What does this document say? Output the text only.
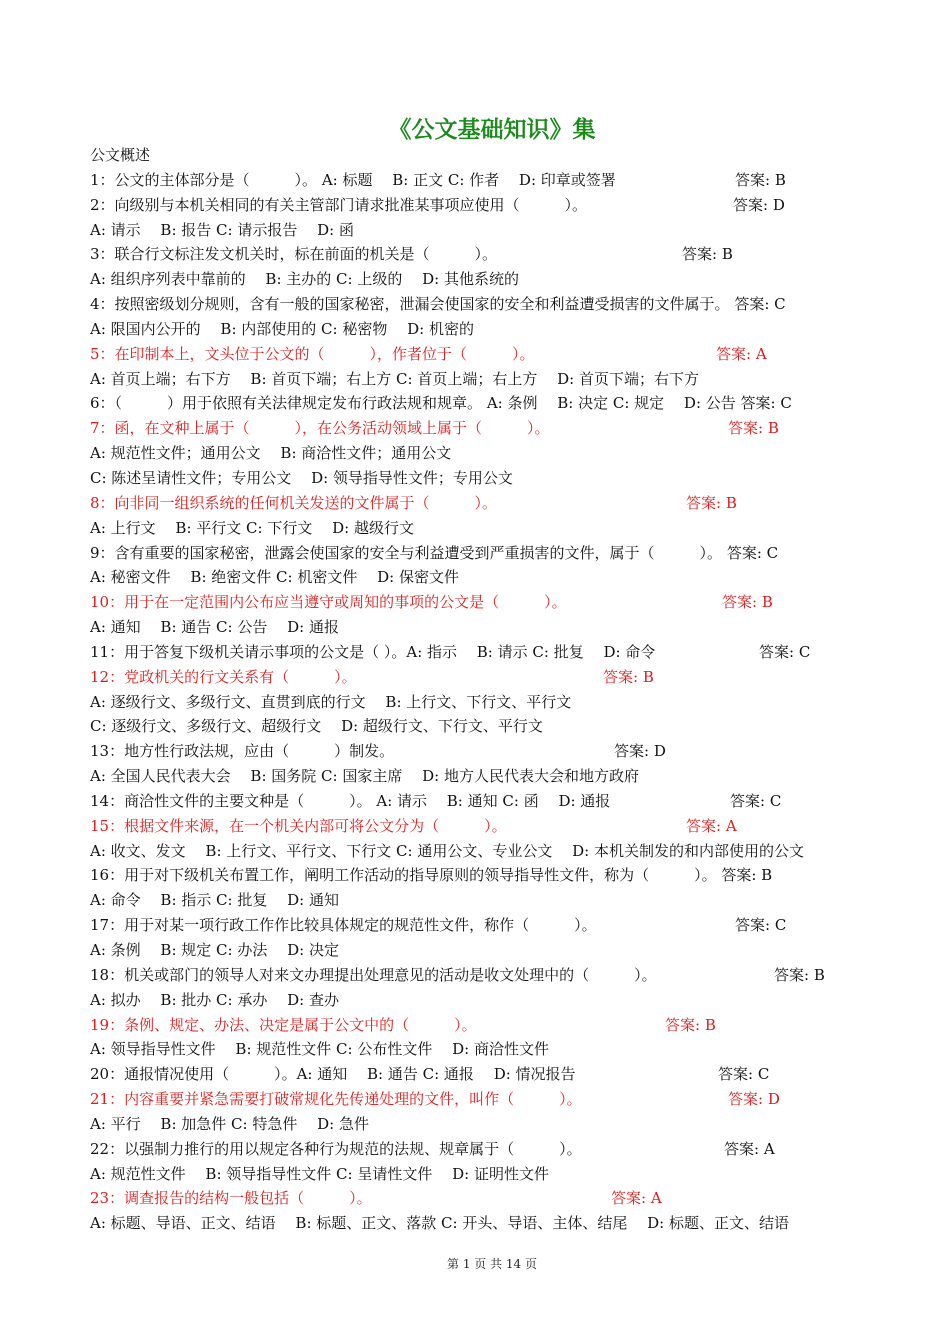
《公文基础知识》集
公文概述
1：公文的主体部分是（　　　）。 A: 标题　 B: 正文 C: 作者　 D: 印章或签署	答案: B
2：向级别与本机关相同的有关主管部门请求批准某事项应使用（　　　）。	答案: D
A: 请示　 B: 报告 C: 请示报告　 D: 函
3：联合行文标注发文机关时，标在前面的机关是（　　　）。	答案: B
A: 组织序列表中靠前的　 B: 主办的 C: 上级的　 D: 其他系统的
4：按照密级划分规则，含有一般的国家秘密，泄漏会使国家的安全和利益遭受损害的文件属于。 答案: C
A: 限国内公开的　 B: 内部使用的 C: 秘密物　 D: 机密的
5：在印制本上，文头位于公文的（　　　），作者位于（　　　）。	答案: A
A: 首页上端；右下方　 B: 首页下端；右上方 C: 首页上端；右上方　 D: 首页下端；右下方
6：（　　　）用于依照有关法律规定发布行政法规和规章。 A: 条例　 B: 决定 C: 规定　 D: 公告 答案: C
7：函，在文种上属于（　　　），在公务活动领域上属于（　　　）。	答案: B
A: 规范性文件；通用公文　 B: 商洽性文件；通用公文
C: 陈述呈请性文件；专用公文　 D: 领导指导性文件；专用公文
8：向非同一组织系统的任何机关发送的文件属于（　　　）。	答案: B
A: 上行文　 B: 平行文 C: 下行文　 D: 越级行文
9：含有重要的国家秘密，泄露会使国家的安全与利益遭受到严重损害的文件，属于（　　　）。 答案: C
A: 秘密文件　 B: 绝密文件 C: 机密文件　 D: 保密文件
10：用于在一定范围内公布应当遵守或周知的事项的公文是（　　　）。	答案: B
A: 通知　 B: 通告 C: 公告　 D: 通报
11：用于答复下级机关请示事项的公文是（ ）。A: 指示　 B: 请示 C: 批复　 D: 命令	答案: C
12：党政机关的行文关系有（　　　）。	答案: B
A: 逐级行文、多级行文、直贯到底的行文　 B: 上行文、下行文、平行文
C: 逐级行文、多级行文、超级行文　 D: 超级行文、下行文、平行文
13：地方性行政法规，应由（　　　）制发。	答案: D
A: 全国人民代表大会　 B: 国务院 C: 国家主席　 D: 地方人民代表大会和地方政府
14：商洽性文件的主要文种是（　　　）。 A: 请示　 B: 通知 C: 函　 D: 通报	答案: C
15：根据文件来源，在一个机关内部可将公文分为（　　　）。	答案: A
A: 收文、发文　 B: 上行文、平行文、下行文 C: 通用公文、专业公文　 D: 本机关制发的和内部使用的公文
16：用于对下级机关布置工作，阐明工作活动的指导原则的领导指导性文件，称为（　　　）。 答案: B
A: 命令　 B: 指示 C: 批复　 D: 通知
17：用于对某一项行政工作作比较具体规定的规范性文件，称作（　　　）。	答案: C
A: 条例　 B: 规定 C: 办法　 D: 决定
18：机关或部门的领导人对来文办理提出处理意见的活动是收文处理中的（　　　）。	答案: B
A: 拟办　 B: 批办 C: 承办　 D: 查办
19：条例、规定、办法、决定是属于公文中的（　　　）。	答案: B
A: 领导指导性文件　 B: 规范性文件 C: 公布性文件　 D: 商洽性文件
20：通报情况使用（　　　）。A: 通知　 B: 通告 C: 通报　 D: 情况报告	答案: C
21：内容重要并紧急需要打破常规化先传递处理的文件，叫作（　　　）。	答案: D
A: 平行　 B: 加急件 C: 特急件　 D: 急件
22：以强制力推行的用以规定各种行为规范的法规、规章属于（　　　）。	答案: A
A: 规范性文件　 B: 领导指导性文件 C: 呈请性文件　 D: 证明性文件
23：调查报告的结构一般包括（　　　）。	答案: A
A: 标题、导语、正文、结语　 B: 标题、正文、落款 C: 开头、导语、主体、结尾　 D: 标题、正文、结语
第 1 页 共 14 页
